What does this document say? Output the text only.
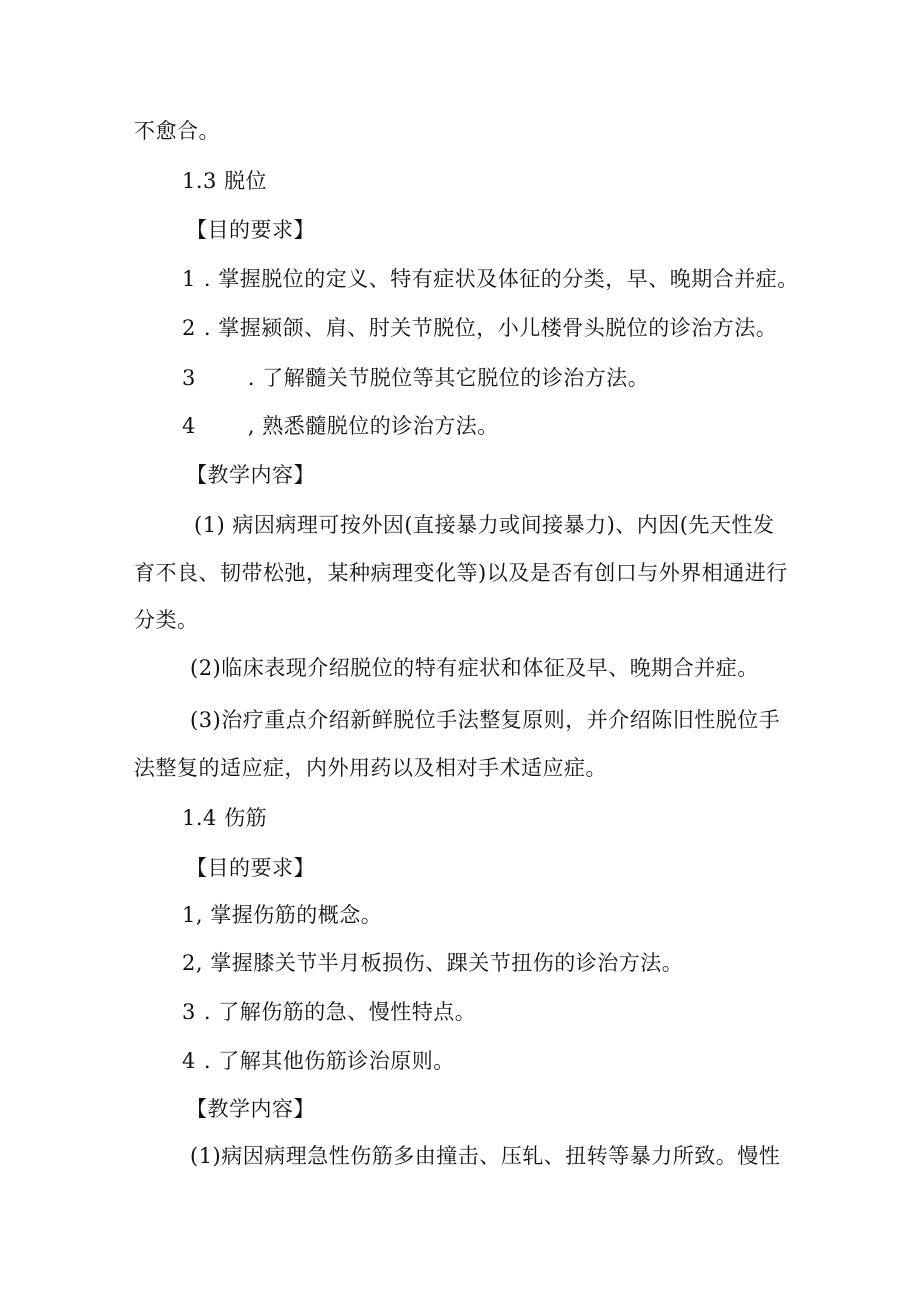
不愈合。
1.3 脱位
【目的要求】
1 . 掌握脱位的定义、特有症状及体征的分类，早、晚期合并症。
2 . 掌握颍颌、肩、肘关节脱位，小儿楼骨头脱位的诊治方法。
3 . 了解髓关节脱位等其它脱位的诊治方法。
4 , 熟悉髓脱位的诊治方法。
【教学内容】
(1) 病因病理可按外因(直接暴力或间接暴力)、内因(先天性发
育不良、韧带松弛，某种病理变化等)以及是否有创口与外界相通进行
分类。
(2)临床表现介绍脱位的特有症状和体征及早、晚期合并症。
(3)治疗重点介绍新鲜脱位手法整复原则，并介绍陈旧性脱位手
法整复的适应症，内外用药以及相对手术适应症。
1.4 伤筋
【目的要求】
1, 掌握伤筋的概念。
2, 掌握膝关节半月板损伤、踝关节扭伤的诊治方法。
3 . 了解伤筋的急、慢性特点。
4 . 了解其他伤筋诊治原则。
【教学内容】
(1)病因病理急性伤筋多由撞击、压轧、扭转等暴力所致。慢性
